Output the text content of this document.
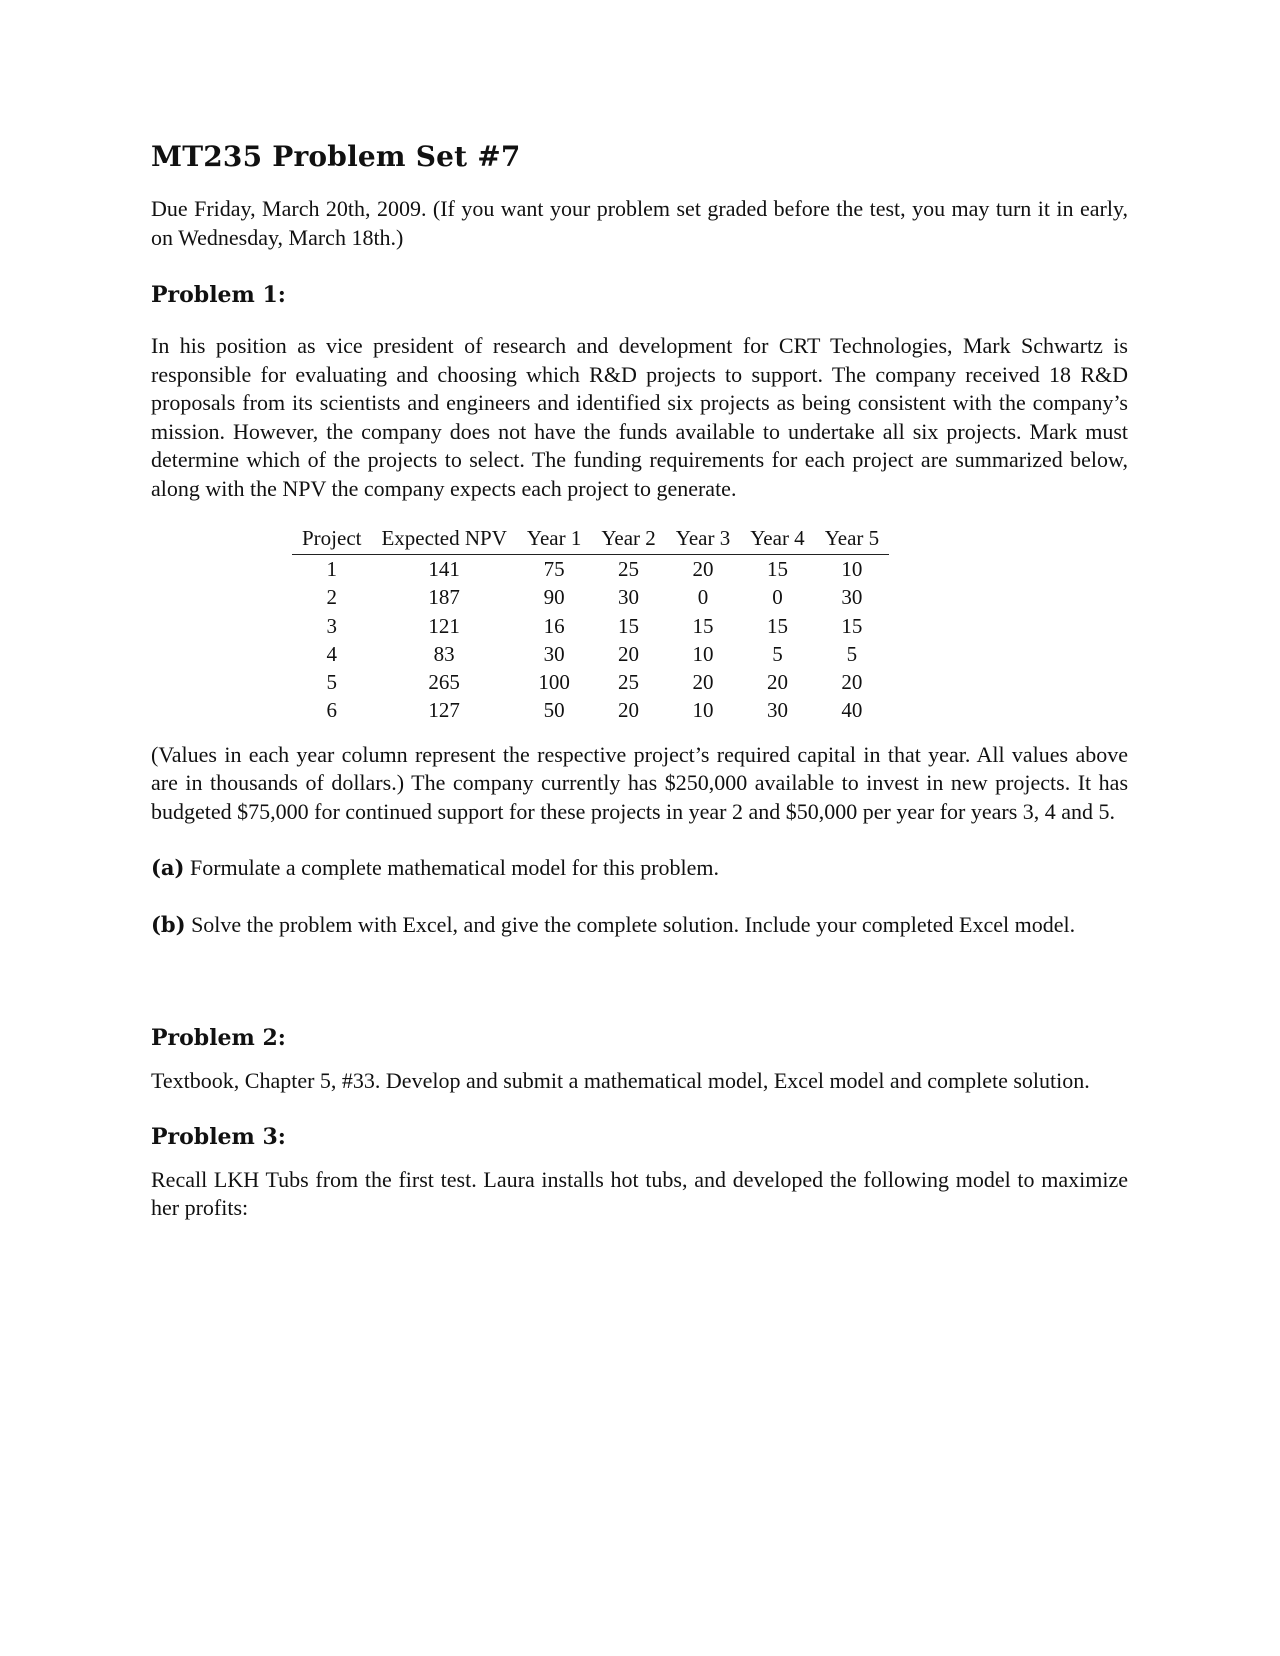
MT235 Problem Set #7

Due Friday, March 20th, 2009. (If you want your problem set graded before the test, you may turn it in early, on Wednesday, March 18th.)

Problem 1:

In his position as vice president of research and development for CRT Technologies, Mark Schwartz is responsible for evaluating and choosing which R&D projects to support. The company received 18 R&D proposals from its scientists and engineers and identified six projects as being consistent with the company’s mission. However, the company does not have the funds available to undertake all six projects. Mark must determine which of the projects to select. The funding requirements for each project are summarized below, along with the NPV the company expects each project to generate.

Project	Expected NPV	Year 1	Year 2	Year 3	Year 4	Year 5
1	141	75	25	20	15	10
2	187	90	30	0	0	30
3	121	16	15	15	15	15
4	83	30	20	10	5	5
5	265	100	25	20	20	20
6	127	50	20	10	30	40

(Values in each year column represent the respective project’s required capital in that year. All values above are in thousands of dollars.) The company currently has $250,000 available to invest in new projects. It has budgeted $75,000 for continued support for these projects in year 2 and $50,000 per year for years 3, 4 and 5.

(a) Formulate a complete mathematical model for this problem.

(b) Solve the problem with Excel, and give the complete solution. Include your completed Excel model.

Problem 2:

Textbook, Chapter 5, #33. Develop and submit a mathematical model, Excel model and complete solution.

Problem 3:

Recall LKH Tubs from the first test. Laura installs hot tubs, and developed the following model to maximize her profits:
